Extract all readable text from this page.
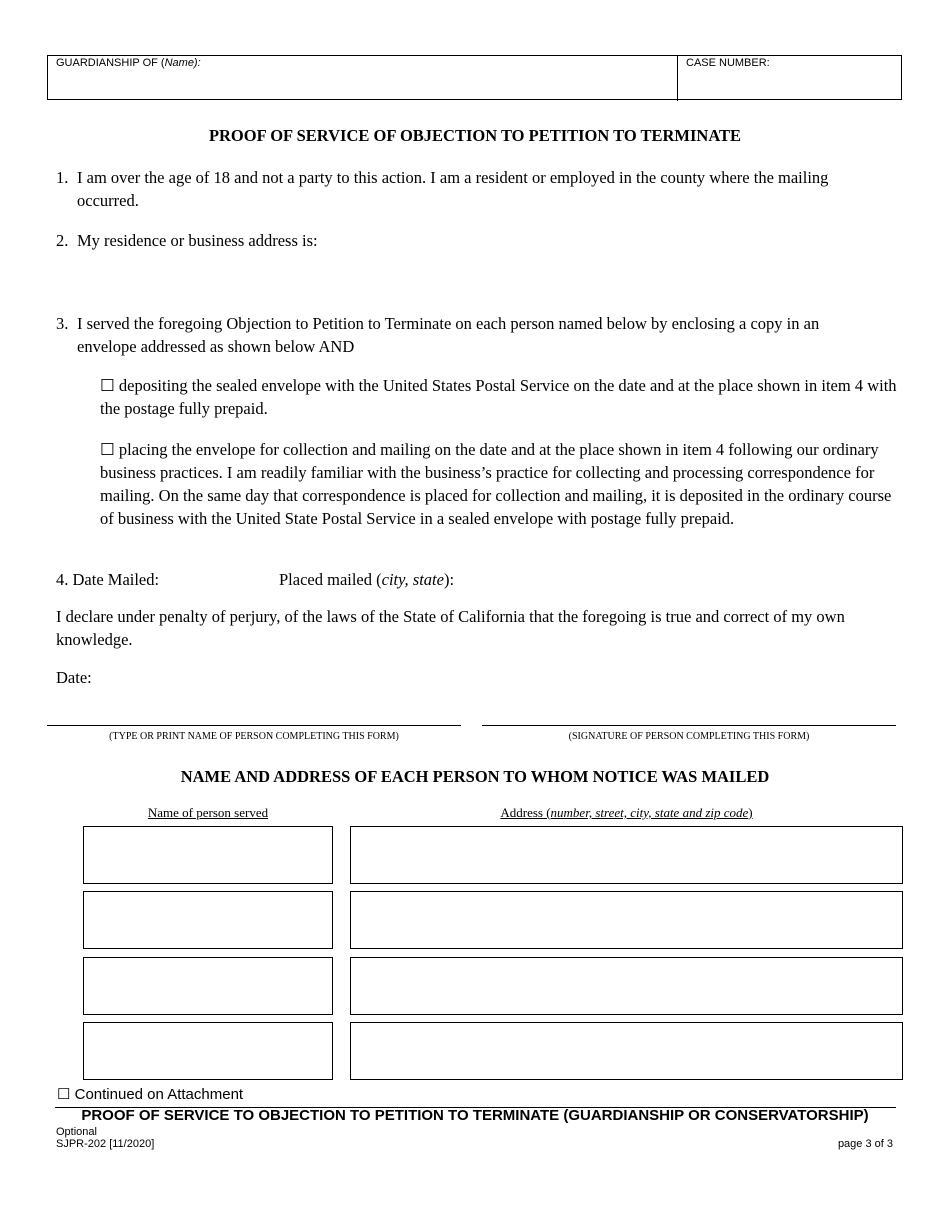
GUARDIANSHIP OF (Name):	CASE NUMBER:
PROOF OF SERVICE OF OBJECTION TO PETITION TO TERMINATE
1. I am over the age of 18 and not a party to this action. I am a resident or employed in the county where the mailing occurred.
2. My residence or business address is:
3. I served the foregoing Objection to Petition to Terminate on each person named below by enclosing a copy in an envelope addressed as shown below AND
☐ depositing the sealed envelope with the United States Postal Service on the date and at the place shown in item 4 with the postage fully prepaid.
☐ placing the envelope for collection and mailing on the date and at the place shown in item 4 following our ordinary business practices. I am readily familiar with the business’s practice for collecting and processing correspondence for mailing. On the same day that correspondence is placed for collection and mailing, it is deposited in the ordinary course of business with the United State Postal Service in a sealed envelope with postage fully prepaid.
4. Date Mailed:	Placed mailed (city, state):
I declare under penalty of perjury, of the laws of the State of California that the foregoing is true and correct of my own knowledge.
Date:
(TYPE OR PRINT NAME OF PERSON COMPLETING THIS FORM)	(SIGNATURE OF PERSON COMPLETING THIS FORM)
NAME AND ADDRESS OF EACH PERSON TO WHOM NOTICE WAS MAILED
Name of person served	Address (number, street, city, state and zip code)
☐ Continued on Attachment
PROOF OF SERVICE TO OBJECTION TO PETITION TO TERMINATE (GUARDIANSHIP OR CONSERVATORSHIP)
Optional
SJPR-202 [11/2020]	page 3 of 3
